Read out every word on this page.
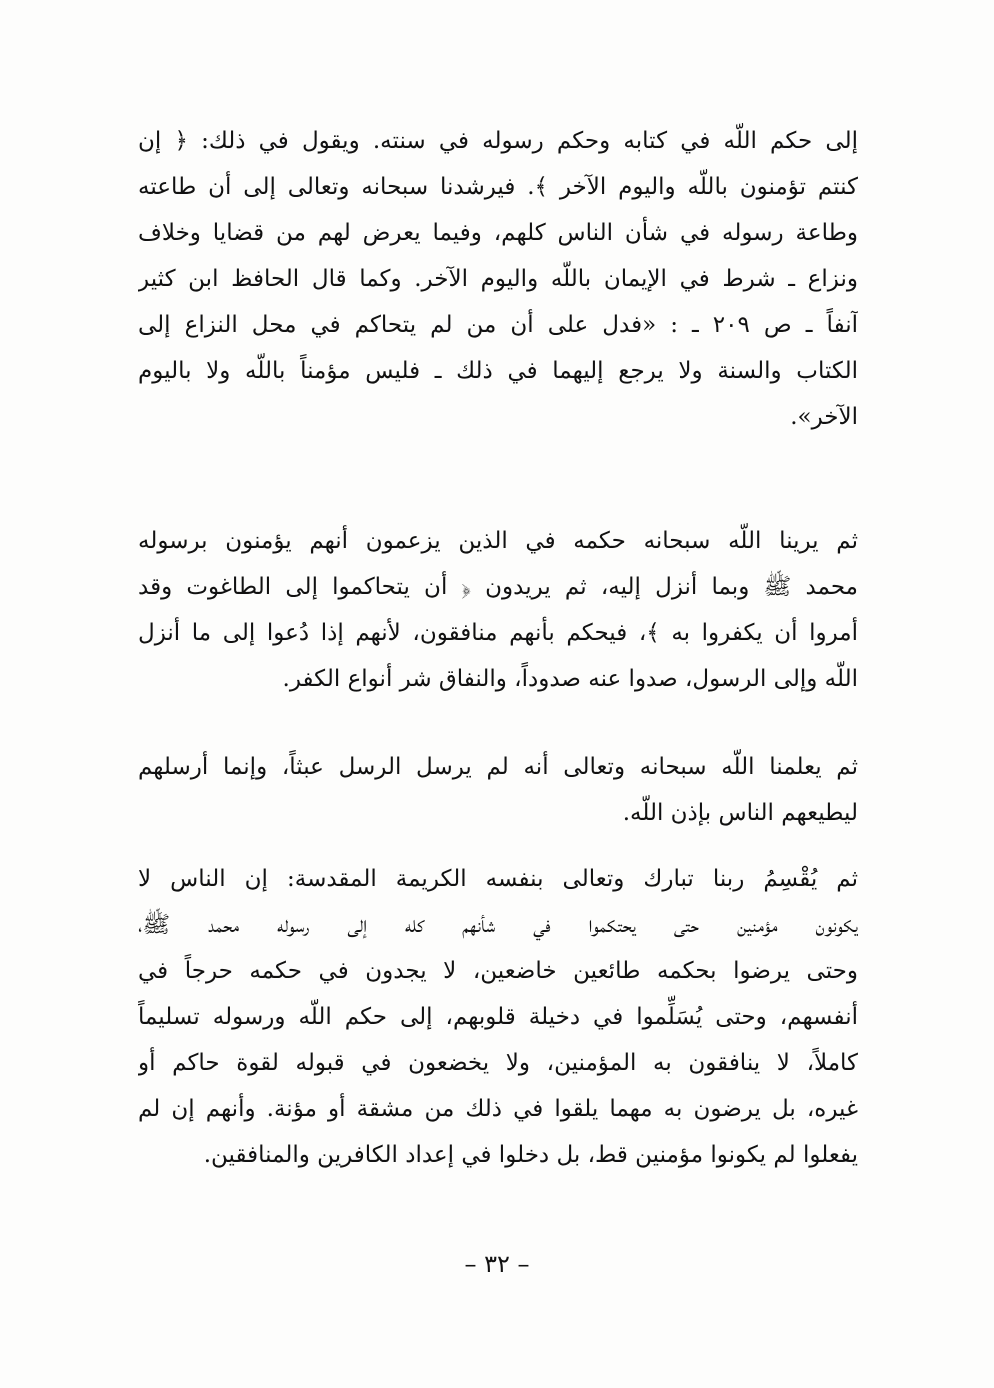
إلى حكم اللّه في كتابه وحكم رسوله في سنته. ويقول في ذلك: ﴿ إن
كنتم تؤمنون باللّه واليوم الآخر ﴾. فيرشدنا سبحانه وتعالى إلى أن طاعته
وطاعة رسوله في شأن الناس كلهم، وفيما يعرض لهم من قضايا وخلاف
ونزاع ـ شرط في الإيمان باللّه واليوم الآخر. وكما قال الحافظ ابن كثير
آنفاً ـ ص ٢٠٩ ـ : «فدل على أن من لم يتحاكم في محل النزاع إلى
الكتاب والسنة ولا يرجع إليهما في ذلك ـ فليس مؤمناً باللّه ولا باليوم
الآخر».
ثم يرينا اللّه سبحانه حكمه في الذين يزعمون أنهم يؤمنون برسوله
محمد ﷺ وبما أنزل إليه، ثم يريدون ﴿ أن يتحاكموا إلى الطاغوت وقد
أمروا أن يكفروا به ﴾، فيحكم بأنهم منافقون، لأنهم إذا دُعوا إلى ما أنزل
اللّه وإلى الرسول، صدوا عنه صدوداً، والنفاق شر أنواع الكفر.
ثم يعلمنا اللّه سبحانه وتعالى أنه لم يرسل الرسل عبثاً، وإنما أرسلهم
ليطيعهم الناس بإذن اللّه.
ثم يُقْسِمُ ربنا تبارك وتعالى بنفسه الكريمة المقدسة: إن الناس لا
يكونون مؤمنين حتى يحتكموا في شأنهم كله إلى رسوله محمد ﷺ،
وحتى يرضوا بحكمه طائعين خاضعين، لا يجدون في حكمه حرجاً في
أنفسهم، وحتى يُسَلِّموا في دخيلة قلوبهم، إلى حكم اللّه ورسوله تسليماً
كاملاً، لا ينافقون به المؤمنين، ولا يخضعون في قبوله لقوة حاكم أو
غيره، بل يرضون به مهما يلقوا في ذلك من مشقة أو مؤنة. وأنهم إن لم
يفعلوا لم يكونوا مؤمنين قط، بل دخلوا في إعداد الكافرين والمنافقين.
– ٣٢ –
